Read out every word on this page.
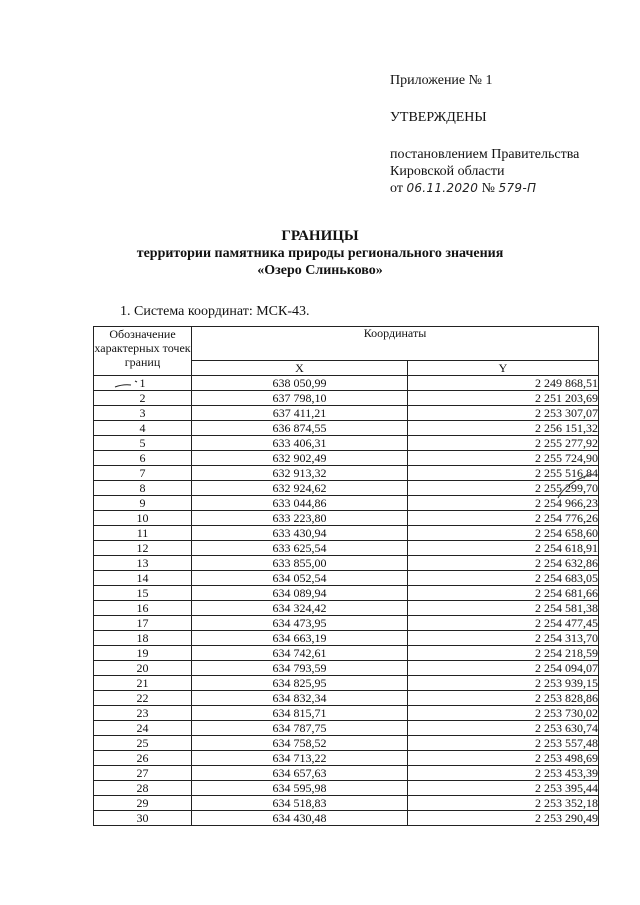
Приложение № 1
УТВЕРЖДЕНЫ
постановлением Правительства
Кировской области
от 06.11.2020 № 579-П
ГРАНИЦЫ
территории памятника природы регионального значения
«Озеро Слиньково»
1. Система координат: МСК-43.
Обозначение характерных точек границ	Координаты	
	X	Y
1	638 050,99	2 249 868,51
2	637 798,10	2 251 203,69
3	637 411,21	2 253 307,07
4	636 874,55	2 256 151,32
5	633 406,31	2 255 277,92
6	632 902,49	2 255 724,90
7	632 913,32	2 255 516,84
8	632 924,62	2 255 299,70
9	633 044,86	2 254 966,23
10	633 223,80	2 254 776,26
11	633 430,94	2 254 658,60
12	633 625,54	2 254 618,91
13	633 855,00	2 254 632,86
14	634 052,54	2 254 683,05
15	634 089,94	2 254 681,66
16	634 324,42	2 254 581,38
17	634 473,95	2 254 477,45
18	634 663,19	2 254 313,70
19	634 742,61	2 254 218,59
20	634 793,59	2 254 094,07
21	634 825,95	2 253 939,15
22	634 832,34	2 253 828,86
23	634 815,71	2 253 730,02
24	634 787,75	2 253 630,74
25	634 758,52	2 253 557,48
26	634 713,22	2 253 498,69
27	634 657,63	2 253 453,39
28	634 595,98	2 253 395,44
29	634 518,83	2 253 352,18
30	634 430,48	2 253 290,49
